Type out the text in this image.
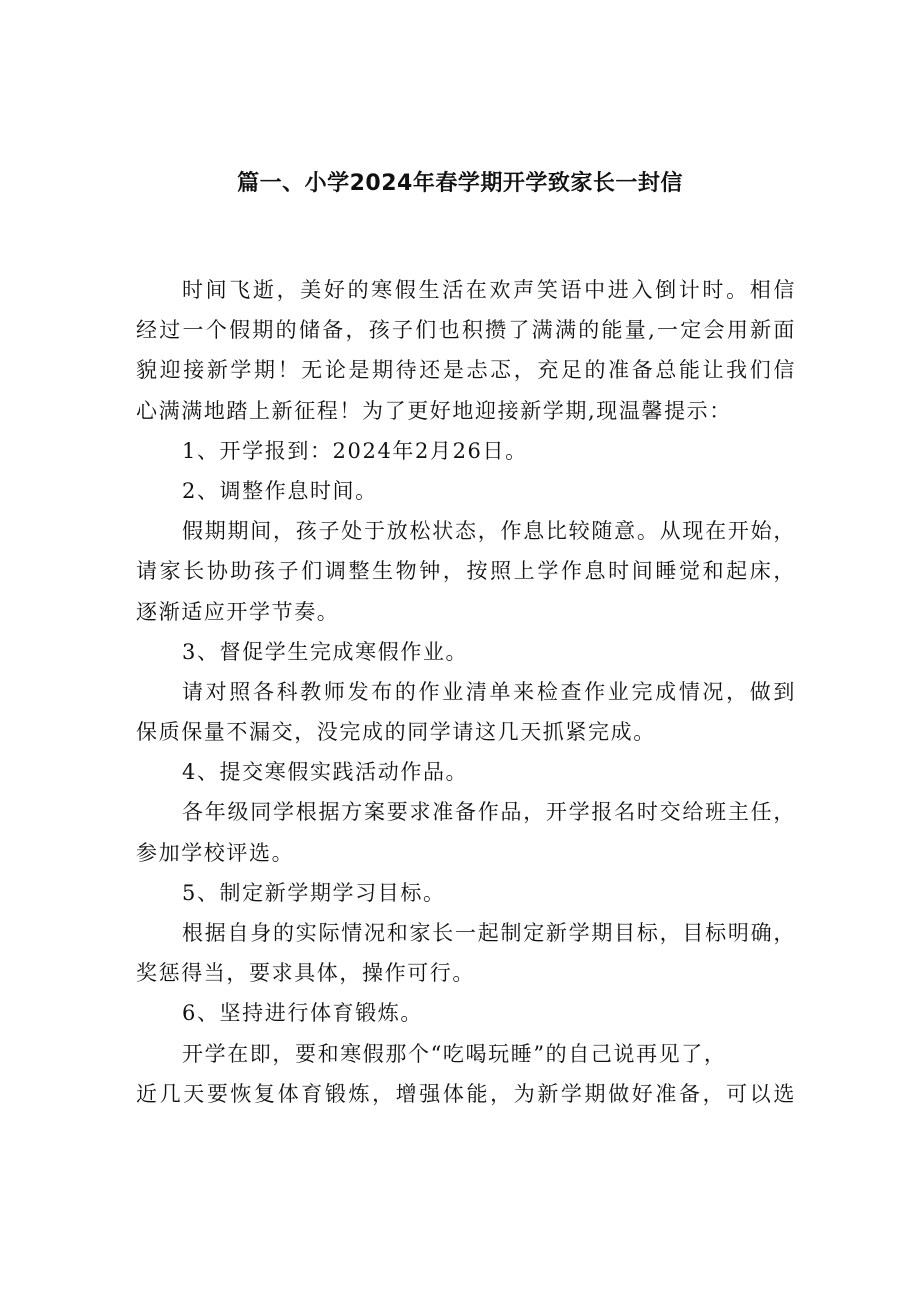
篇一、小学2024年春学期开学致家长一封信
时间飞逝，美好的寒假生活在欢声笑语中进入倒计时。相信
经过一个假期的储备，孩子们也积攒了满满的能量,一定会用新面
貌迎接新学期！无论是期待还是忐忑，充足的准备总能让我们信
心满满地踏上新征程！为了更好地迎接新学期,现温馨提示：
1、开学报到：2024年2月26日。
2、调整作息时间。
假期期间，孩子处于放松状态，作息比较随意。从现在开始，
请家长协助孩子们调整生物钟，按照上学作息时间睡觉和起床，
逐渐适应开学节奏。
3、督促学生完成寒假作业。
请对照各科教师发布的作业清单来检查作业完成情况，做到
保质保量不漏交，没完成的同学请这几天抓紧完成。
4、提交寒假实践活动作品。
各年级同学根据方案要求准备作品，开学报名时交给班主任，
参加学校评选。
5、制定新学期学习目标。
根据自身的实际情况和家长一起制定新学期目标，目标明确，
奖惩得当，要求具体，操作可行。
6、坚持进行体育锻炼。
开学在即，要和寒假那个“吃喝玩睡”的自己说再见了，
近几天要恢复体育锻炼，增强体能，为新学期做好准备，可以选
